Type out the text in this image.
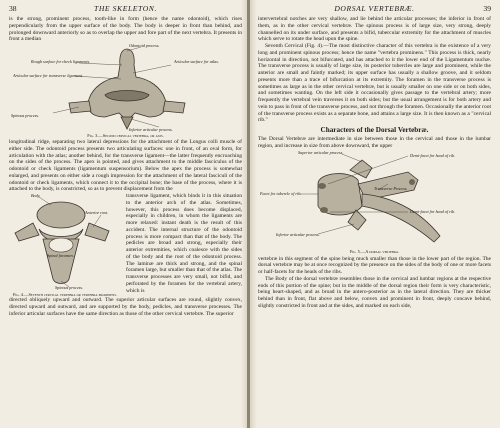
38	THE SKELETON.

is the strong, prominent process, tooth-like in form (hence the name odontoid), which rises perpendicularly from the upper surface of the body. The body is deeper in front than behind, and prolonged downward anteriorly so as to overlap the upper and fore part of the next vertebra. It presents in front a median

Odontoid process.
Rough surface for check ligaments.	Articular surface for atlas.
Articular surface for transverse ligament.
Spinous process.
Inferior articular process.
Fig. 3.—Second cervical vertebra, or axis.

longitudinal ridge, separating two lateral depressions for the attachment of the Longus colli muscle of either side. The odontoid process presents two articulating surfaces: one in front, of an oval form, for articulation with the atlas; another behind, for the transverse ligament—the latter frequently encroaching on the sides of the process. The apex is pointed, and gives attachment to the middle fasciculus of the odontoid or check ligaments (ligamentum suspensorium). Below the apex the process is somewhat enlarged, and presents on either side a rough impression for the attachment of the lateral fasciculi of the odontoid or check ligaments, which connect it to the occipital bone; the base of the process, where it is attached to the body, is constricted, so as to prevent displacement from the

Body.
Anterior root.
Spinal foramen.
Spinous process.
Fig. 4.—Seventh cervical vertebra or vertebra prominens.

transverse ligament, which binds it in this situation to the anterior arch of the atlas. Sometimes, however, this process does become displaced, especially in children, in whom the ligaments are more relaxed: instant death is the result of this accident. The internal structure of the odontoid process is more compact than that of the body. The pedicles are broad and strong, especially their anterior extremities, which coalesce with the sides of the body and the root of the odontoid process. The laminæ are thick and strong, and the spinal foramen large, but smaller than that of the atlas. The transverse processes are very small, not bifid, and perforated by the foramen for the vertebral artery, which is

directed obliquely upward and outward. The superior articular surfaces are round, slightly convex, directed upward and outward, and are supported by the body, pedicles, and transverse processes. The inferior articular surfaces have the same direction as those of the other cervical vertebræ. The superior

DORSAL VERTEBRÆ.	39

intervertebral notches are very shallow, and lie behind the articular processes; the inferior in front of them, as in the other cervical vertebræ. The spinous process is of large size, very strong, deeply channelled on its under surface, and presents a bifid, tubercular extremity for the attachment of muscles which serve to rotate the head upon the spine.

Seventh Cervical (Fig. 4).—The most distinctive character of this vertebra is the existence of a very long and prominent spinous process; hence the name "vertebra prominens." This process is thick, nearly horizontal in direction, not bifurcated, and has attached to it the lower end of the Ligamentum nuchæ. The transverse process is usually of large size, its posterior tubercles are large and prominent, while the anterior are small and faintly marked; its upper surface has usually a shallow groove, and it seldom presents more than a trace of bifurcation at its extremity. The foramen in the transverse process is sometimes as large as in the other cervical vertebræ, but is usually smaller on one side or on both sides, and sometimes wanting. On the left side it occasionally gives passage to the vertebral artery; more frequently the vertebral vein traverses it on both sides; but the usual arrangement is for both artery and vein to pass in front of the transverse process, and not through the foramen. Occasionally the anterior root of the transverse process exists as a separate bone, and attains a large size. It is then known as a "cervical rib."

Characters of the Dorsal Vertebræ.

The Dorsal Vertebræ are intermediate in size between those in the cervical and those in the lumbar region, and increase in size from above downward, the upper

Superior articular process.
Demi-facet for head of rib.
Facet for tubercle of rib.
Transverse Process.
Demi-facet for head of rib.
Inferior articular process.
Fig. 5.—A dorsal vertebra.

vertebræ in this segment of the spine being much smaller than those in the lower part of the region. The dorsal vertebræ may be at once recognized by the presence on the sides of the body of one or more facets or half-facets for the heads of the ribs.

The Body of the dorsal vertebræ resembles those in the cervical and lumbar regions at the respective ends of this portion of the spine; but in the middle of the dorsal region their form is very characteristic, being heart-shaped, and as broad in the antero-posterior as in the lateral direction. They are thicker behind than in front, flat above and below, convex and prominent in front, deeply concave behind, slightly constricted in front and at the sides, and marked on each side,
